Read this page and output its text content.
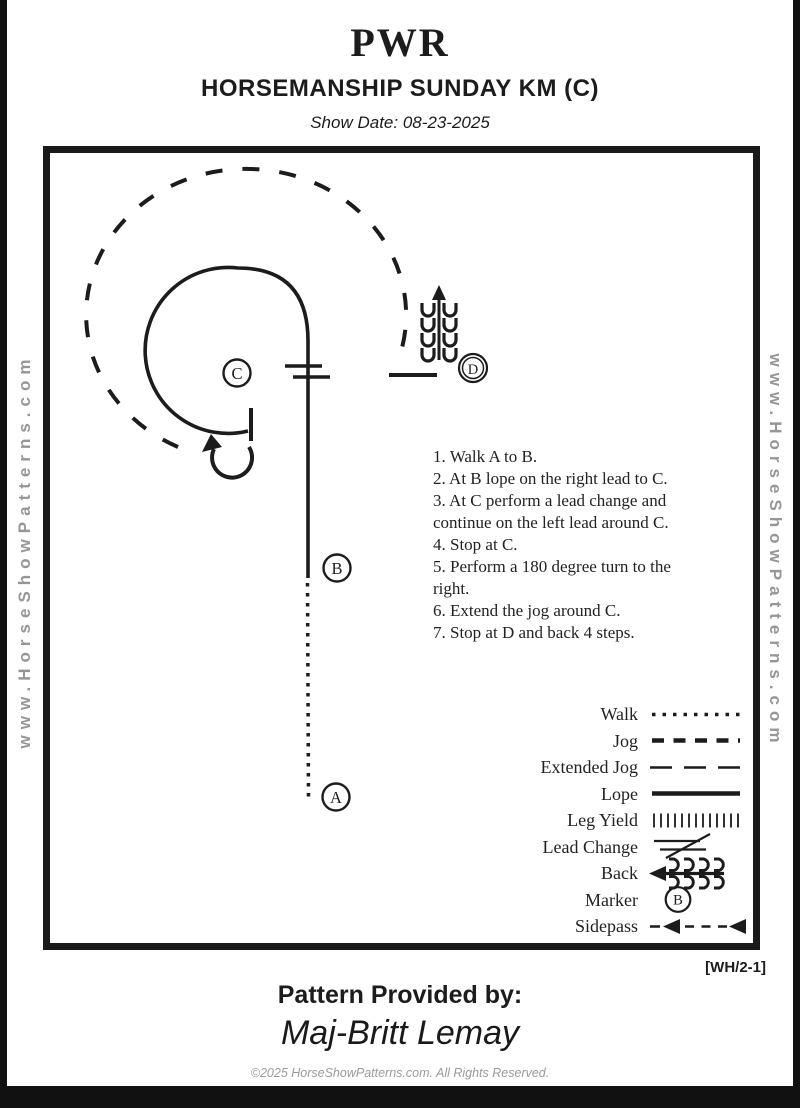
www.HorseShowPatterns.com	www.HorseShowPatterns.com
PWR
HORSEMANSHIP SUNDAY KM (C)
Show Date: 08-23-2025
C	D
B
A
1. Walk A to B.
2. At B lope on the right lead to C.
3. At C perform a lead change and continue on the left lead around C.
4. Stop at C.
5. Perform a 180 degree turn to the right.
6. Extend the jog around C.
7. Stop at D and back 4 steps.
Walk
Jog
Extended Jog
Lope
Leg Yield
Lead Change
Back
Marker B
Sidepass
[WH/2-1]
Pattern Provided by:
Maj-Britt Lemay
©2025 HorseShowPatterns.com. All Rights Reserved.
